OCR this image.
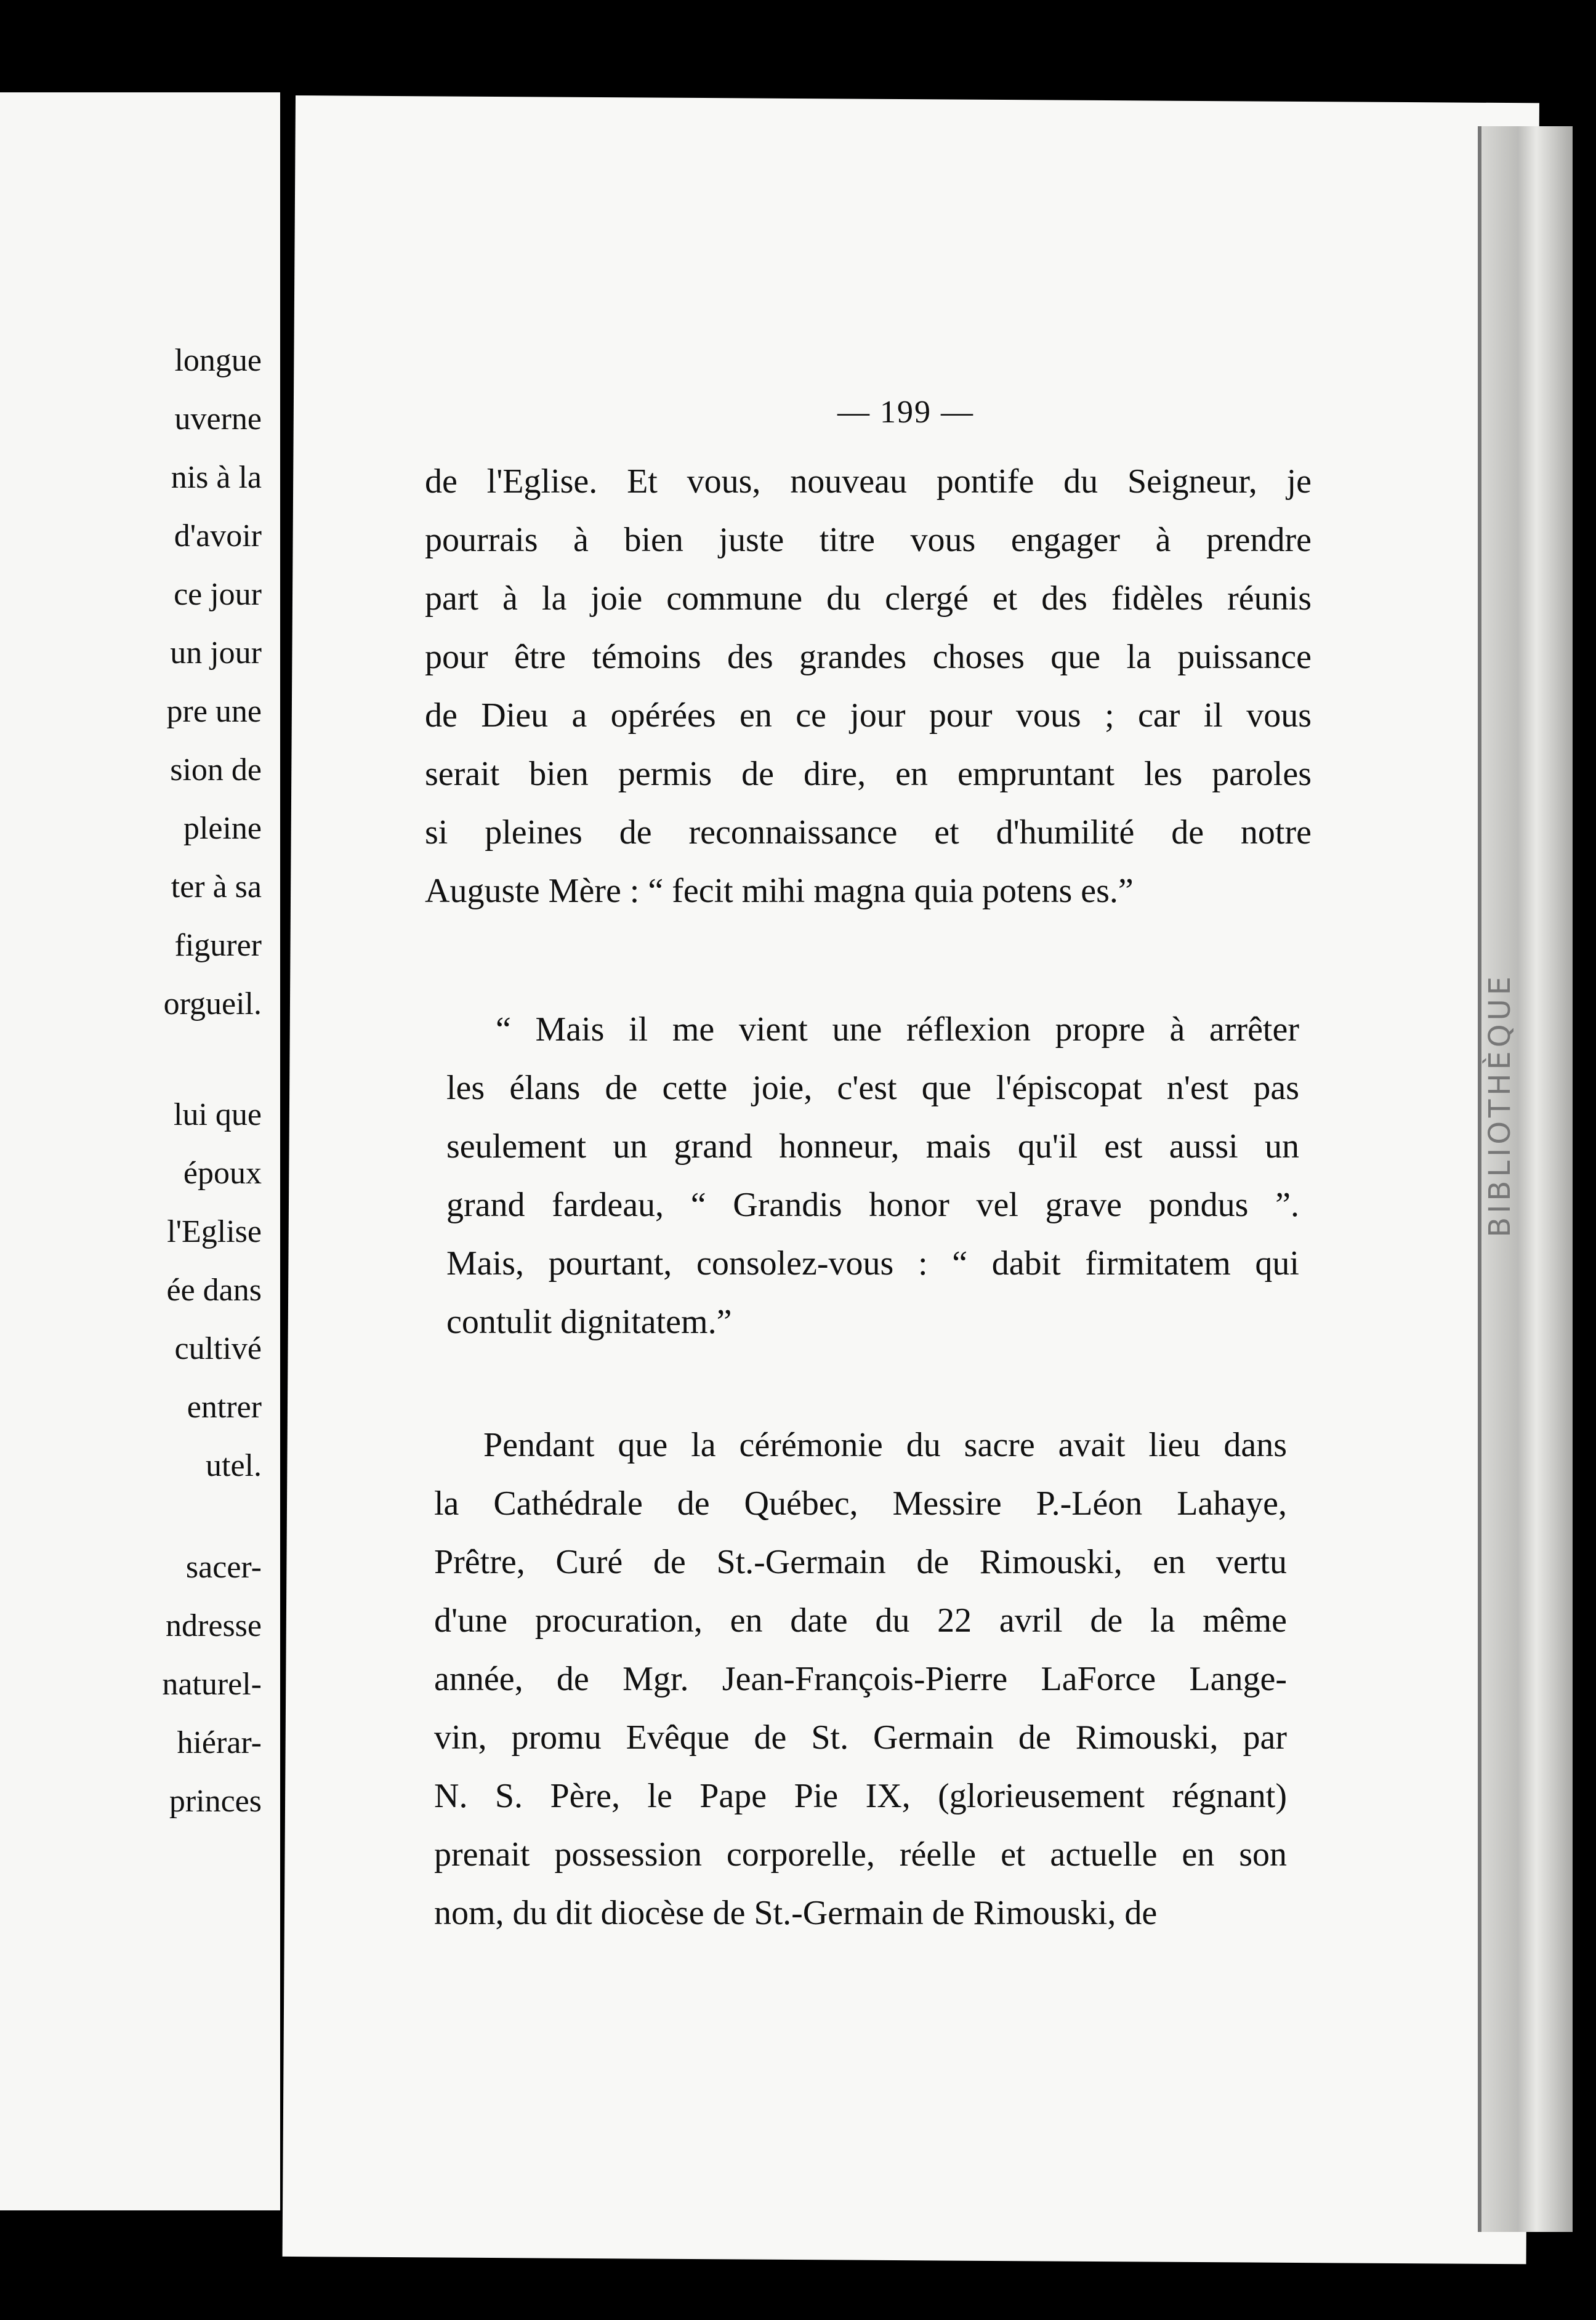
longue
uverne
nis à la
d'avoir
ce jour
un jour
pre une
sion de
pleine
ter à sa
figurer
orgueil.
lui que
époux
l'Eglise
ée dans
cultivé
entrer
utel.
sacer-
ndresse
naturel-
hiérar-
princes
BIBLIOTHÈQUE
— 199 —
de l'Eglise. Et vous, nouveau pontife du Seigneur, je
pourrais à bien juste titre vous engager à prendre
part à la joie commune du clergé et des fidèles réunis
pour être témoins des grandes choses que la puissance
de Dieu a opérées en ce jour pour vous ; car il vous
serait bien permis de dire, en empruntant les paroles
si pleines de reconnaissance et d'humilité de notre
Auguste Mère : “ fecit mihi magna quia potens es.”
“ Mais il me vient une réflexion propre à arrêter
les élans de cette joie, c'est que l'épiscopat n'est pas
seulement un grand honneur, mais qu'il est aussi un
grand fardeau, “ Grandis honor vel grave pondus ”.
Mais, pourtant, consolez-vous : “ dabit firmitatem qui
contulit dignitatem.”
Pendant que la cérémonie du sacre avait lieu dans
la Cathédrale de Québec, Messire P.-Léon Lahaye,
Prêtre, Curé de St.-Germain de Rimouski, en vertu
d'une procuration, en date du 22 avril de la même
année, de Mgr. Jean-François-Pierre LaForce Lange-
vin, promu Evêque de St. Germain de Rimouski, par
N. S. Père, le Pape Pie IX, (glorieusement régnant)
prenait possession corporelle, réelle et actuelle en son
nom, du dit diocèse de St.-Germain de Rimouski, de
